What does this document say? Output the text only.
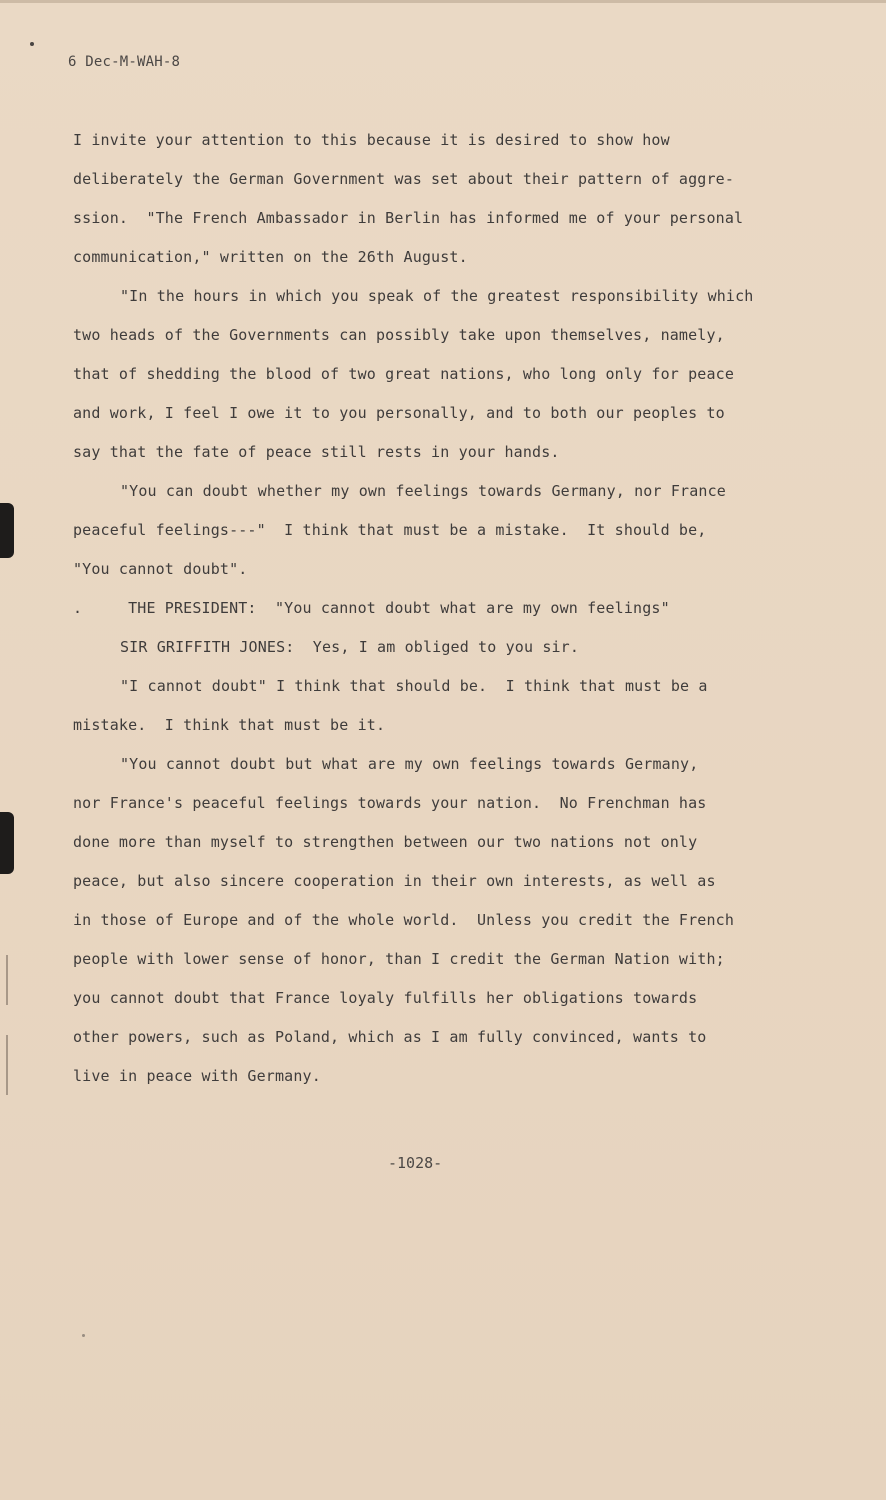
6 Dec-M-WAH-8
I invite your attention to this because it is desired to show how
deliberately the German Government was set about their pattern of aggre-
ssion.  "The French Ambassador in Berlin has informed me of your personal
communication," written on the 26th August.
"In the hours in which you speak of the greatest responsibility which
two heads of the Governments can possibly take upon themselves, namely,
that of shedding the blood of two great nations, who long only for peace
and work, I feel I owe it to you personally, and to both our peoples to
say that the fate of peace still rests in your hands.
"You can doubt whether my own feelings towards Germany, nor France
peaceful feelings---"  I think that must be a mistake.  It should be,
"You cannot doubt".
.     THE PRESIDENT:  "You cannot doubt what are my own feelings"
SIR GRIFFITH JONES:  Yes, I am obliged to you sir.
"I cannot doubt" I think that should be.  I think that must be a
mistake.  I think that must be it.
"You cannot doubt but what are my own feelings towards Germany,
nor France's peaceful feelings towards your nation.  No Frenchman has
done more than myself to strengthen between our two nations not only
peace, but also sincere cooperation in their own interests, as well as
in those of Europe and of the whole world.  Unless you credit the French
people with lower sense of honor, than I credit the German Nation with;
you cannot doubt that France loyaly fulfills her obligations towards
other powers, such as Poland, which as I am fully convinced, wants to
live in peace with Germany.
-1028-
